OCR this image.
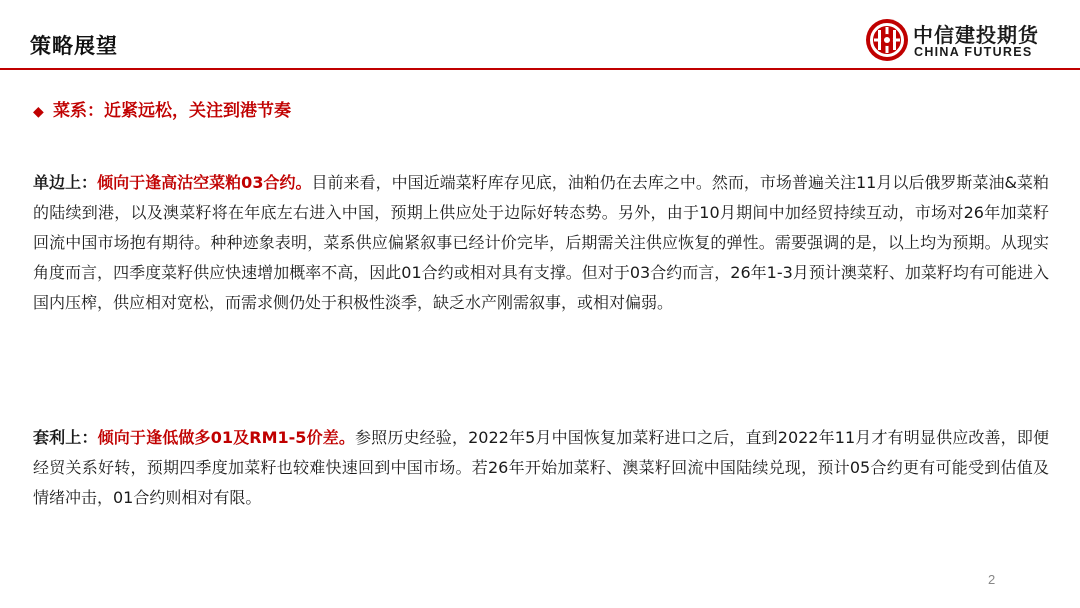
策略展望	中信建投期货
CHINA FUTURES
◆ 菜系：近紧远松，关注到港节奏
单边上：倾向于逢高沽空菜粕03合约。目前来看，中国近端菜籽库存见底，油粕仍在去库之中。然而，市场普遍关注11月以后俄罗斯菜油&菜粕的陆续到港，以及澳菜籽将在年底左右进入中国，预期上供应处于边际好转态势。另外，由于10月期间中加经贸持续互动，市场对26年加菜籽回流中国市场抱有期待。种种迹象表明，菜系供应偏紧叙事已经计价完毕，后期需关注供应恢复的弹性。需要强调的是，以上均为预期。从现实角度而言，四季度菜籽供应快速增加概率不高，因此01合约或相对具有支撑。但对于03合约而言，26年1-3月预计澳菜籽、加菜籽均有可能进入国内压榨，供应相对宽松，而需求侧仍处于积极性淡季，缺乏水产刚需叙事，或相对偏弱。
套利上：倾向于逢低做多01及RM1-5价差。参照历史经验，2022年5月中国恢复加菜籽进口之后，直到2022年11月才有明显供应改善，即便经贸关系好转，预期四季度加菜籽也较难快速回到中国市场。若26年开始加菜籽、澳菜籽回流中国陆续兑现，预计05合约更有可能受到估值及情绪冲击，01合约则相对有限。
2
